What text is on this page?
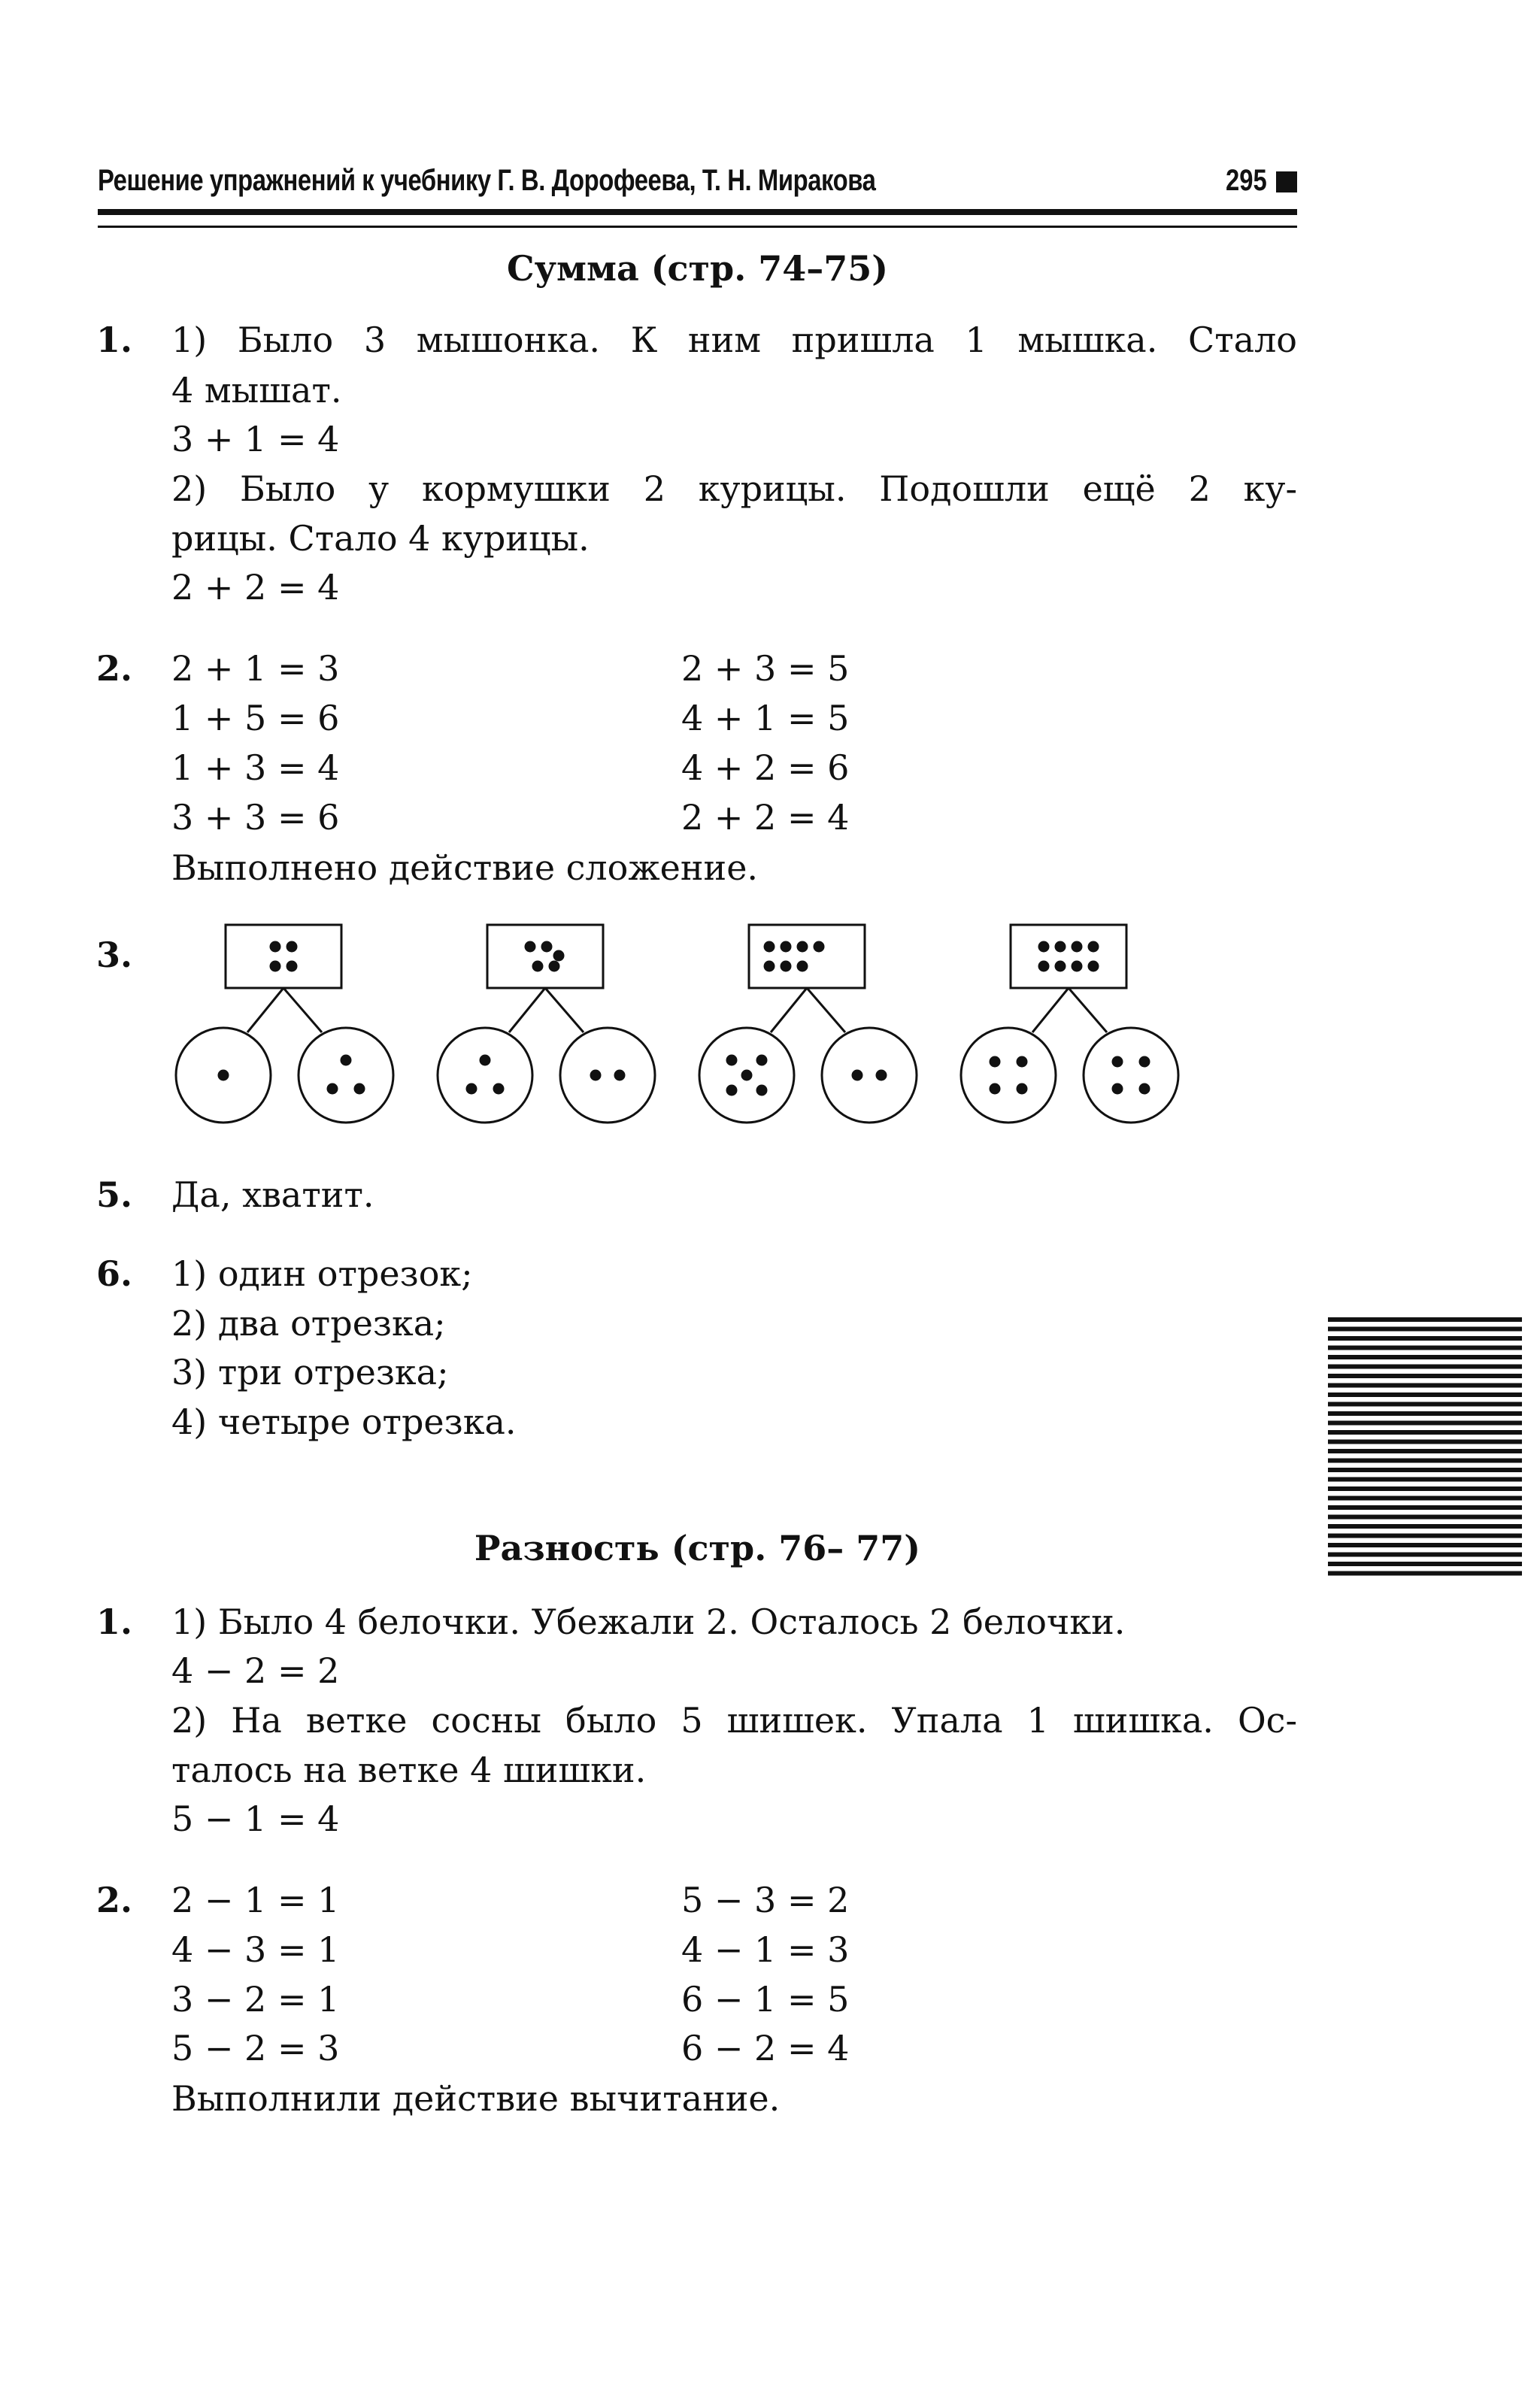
Решение упражнений к учебнику Г. В. Дорофеева, Т. Н. Миракова	295
Сумма (стр. 74–75)
1. 1) Было 3 мышонка. К ним пришла 1 мышка. Стало
4 мышат.
3 + 1 = 4
2) Было у кормушки 2 курицы. Подошли ещё 2 ку-
рицы. Стало 4 курицы.
2 + 2 = 4
2. 2 + 1 = 3
1 + 5 = 6
1 + 3 = 4
3 + 3 = 6
2 + 3 = 5
4 + 1 = 5
4 + 2 = 6
2 + 2 = 4
Выполнено действие сложение.
3.
5. Да, хватит.
6. 1) один отрезок;
2) два отрезка;
3) три отрезка;
4) четыре отрезка.
Разность (стр. 76– 77)
1. 1) Было 4 белочки. Убежали 2. Осталось 2 белочки.
4 − 2 = 2
2) На ветке сосны было 5 шишек. Упала 1 шишка. Ос-
талось на ветке 4 шишки.
5 − 1 = 4
2. 2 − 1 = 1
4 − 3 = 1
3 − 2 = 1
5 − 2 = 3
5 − 3 = 2
4 − 1 = 3
6 − 1 = 5
6 − 2 = 4
Выполнили действие вычитание.
